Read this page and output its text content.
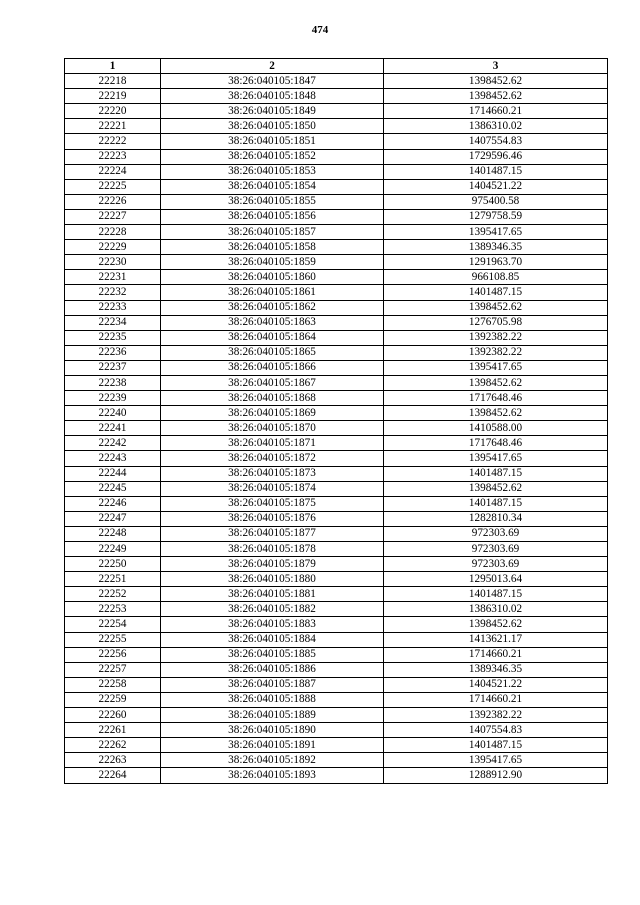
474
1	2	3
22218	38:26:040105:1847	1398452.62
22219	38:26:040105:1848	1398452.62
22220	38:26:040105:1849	1714660.21
22221	38:26:040105:1850	1386310.02
22222	38:26:040105:1851	1407554.83
22223	38:26:040105:1852	1729596.46
22224	38:26:040105:1853	1401487.15
22225	38:26:040105:1854	1404521.22
22226	38:26:040105:1855	975400.58
22227	38:26:040105:1856	1279758.59
22228	38:26:040105:1857	1395417.65
22229	38:26:040105:1858	1389346.35
22230	38:26:040105:1859	1291963.70
22231	38:26:040105:1860	966108.85
22232	38:26:040105:1861	1401487.15
22233	38:26:040105:1862	1398452.62
22234	38:26:040105:1863	1276705.98
22235	38:26:040105:1864	1392382.22
22236	38:26:040105:1865	1392382.22
22237	38:26:040105:1866	1395417.65
22238	38:26:040105:1867	1398452.62
22239	38:26:040105:1868	1717648.46
22240	38:26:040105:1869	1398452.62
22241	38:26:040105:1870	1410588.00
22242	38:26:040105:1871	1717648.46
22243	38:26:040105:1872	1395417.65
22244	38:26:040105:1873	1401487.15
22245	38:26:040105:1874	1398452.62
22246	38:26:040105:1875	1401487.15
22247	38:26:040105:1876	1282810.34
22248	38:26:040105:1877	972303.69
22249	38:26:040105:1878	972303.69
22250	38:26:040105:1879	972303.69
22251	38:26:040105:1880	1295013.64
22252	38:26:040105:1881	1401487.15
22253	38:26:040105:1882	1386310.02
22254	38:26:040105:1883	1398452.62
22255	38:26:040105:1884	1413621.17
22256	38:26:040105:1885	1714660.21
22257	38:26:040105:1886	1389346.35
22258	38:26:040105:1887	1404521.22
22259	38:26:040105:1888	1714660.21
22260	38:26:040105:1889	1392382.22
22261	38:26:040105:1890	1407554.83
22262	38:26:040105:1891	1401487.15
22263	38:26:040105:1892	1395417.65
22264	38:26:040105:1893	1288912.90
